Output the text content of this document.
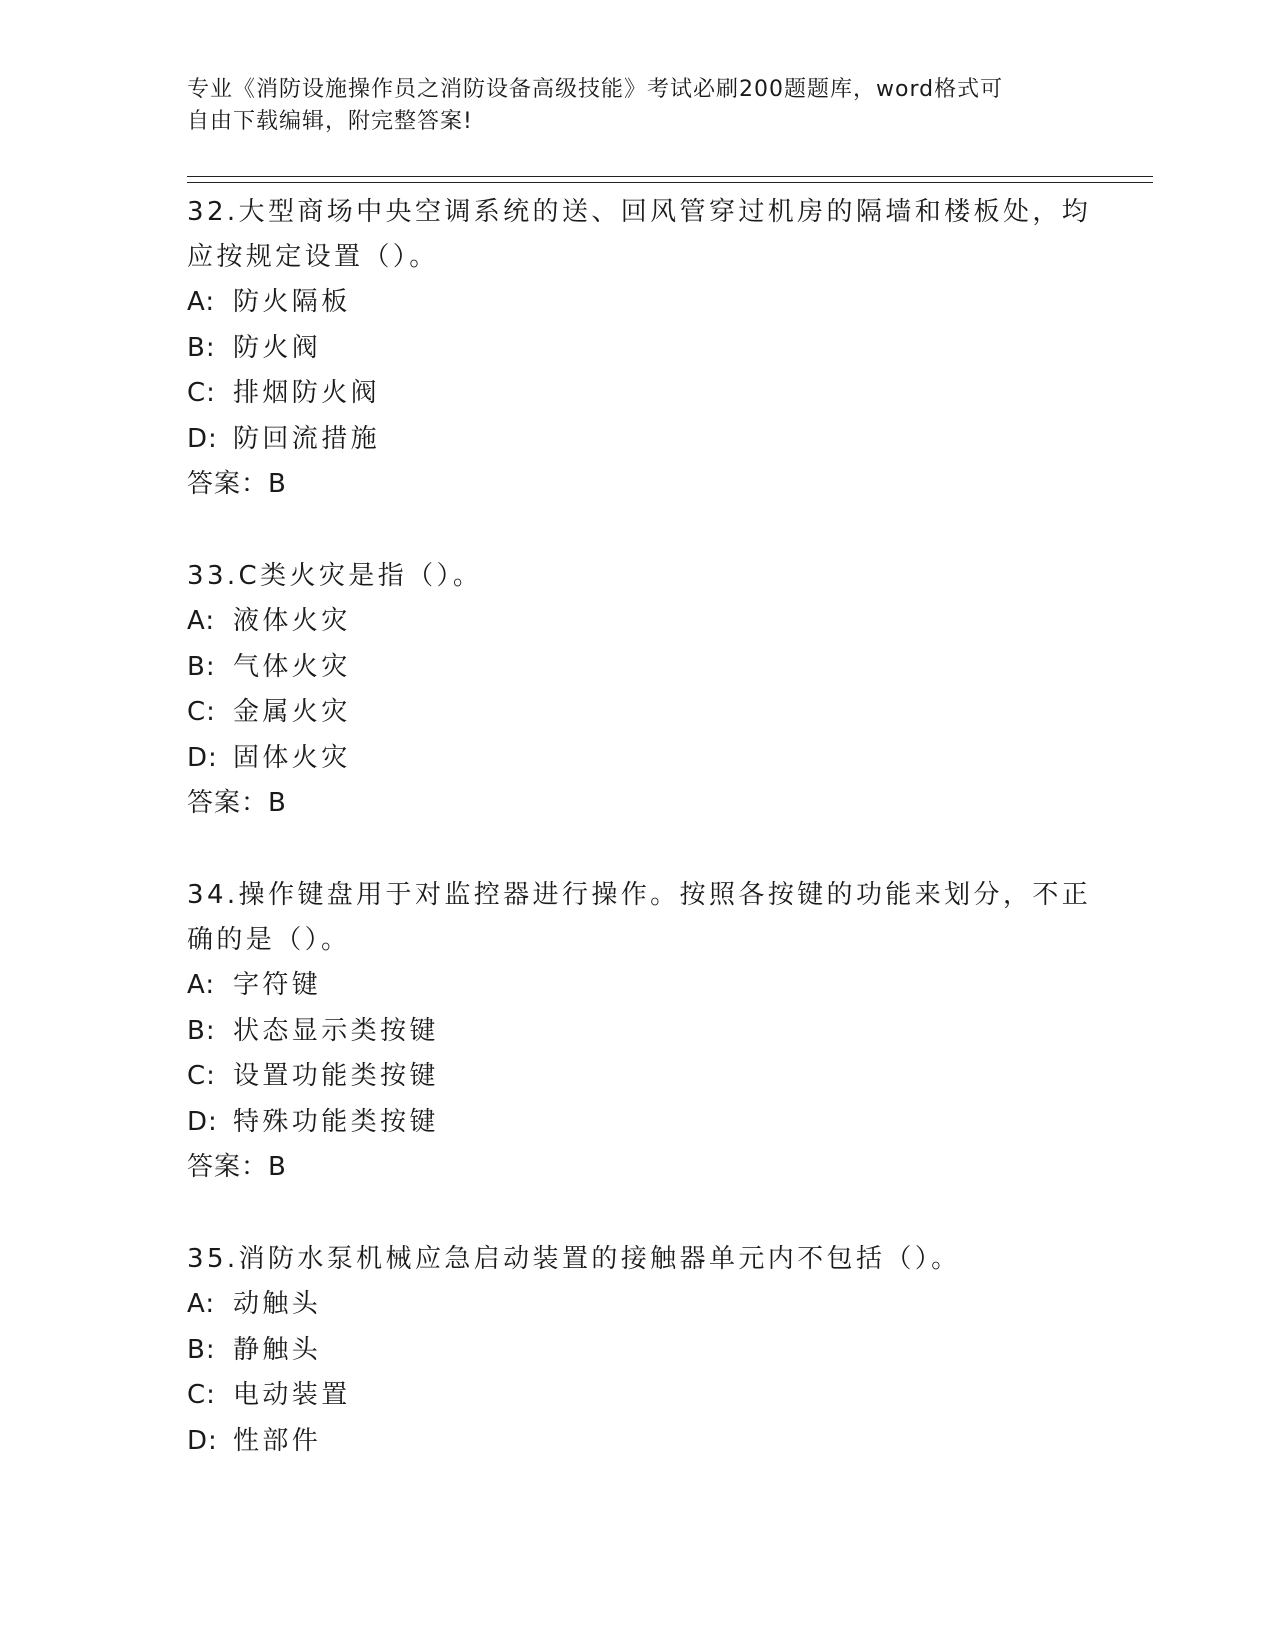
专业《消防设施操作员之消防设备高级技能》考试必刷200题题库，word格式可
自由下载编辑，附完整答案!
32.大型商场中央空调系统的送、回风管穿过机房的隔墙和楼板处，均
应按规定设置（）。
A: 防火隔板
B: 防火阀
C: 排烟防火阀
D: 防回流措施
答案：B
33.C类火灾是指（）。
A: 液体火灾
B: 气体火灾
C: 金属火灾
D: 固体火灾
答案：B
34.操作键盘用于对监控器进行操作。按照各按键的功能来划分，不正
确的是（）。
A: 字符键
B: 状态显示类按键
C: 设置功能类按键
D: 特殊功能类按键
答案：B
35.消防水泵机械应急启动装置的接触器单元内不包括（）。
A: 动触头
B: 静触头
C: 电动装置
D: 性部件
